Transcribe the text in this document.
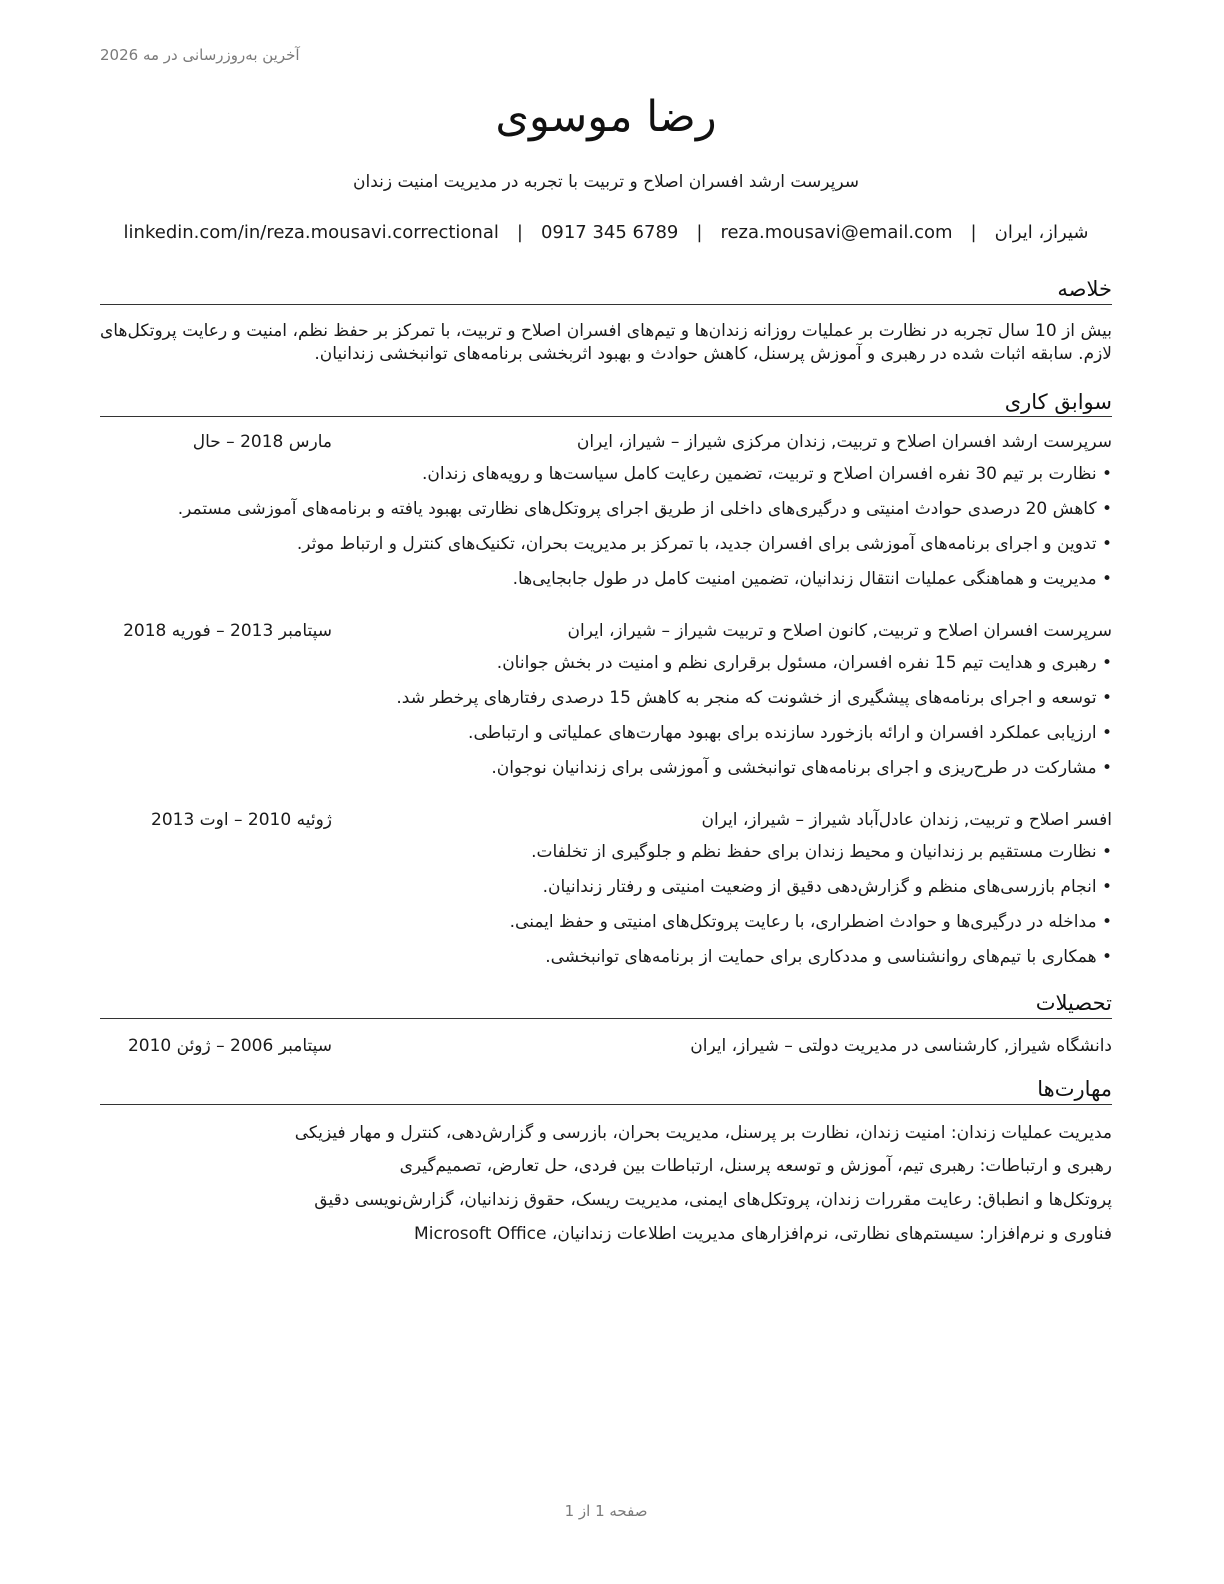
آخرین به‌روزرسانی در مه 2026
رضا موسوی
سرپرست ارشد افسران اصلاح و تربیت با تجربه در مدیریت امنیت زندان
شیراز، ایران
|
reza.mousavi@email.com
|
0917 345 6789
|
linkedin.com/in/reza.mousavi.correctional
خلاصه
بیش از 10 سال تجربه در نظارت بر عملیات روزانه زندان‌ها و تیم‌های افسران اصلاح و تربیت، با تمرکز بر حفظ نظم، امنیت و رعایت پروتکل‌های لازم. سابقه اثبات شده در رهبری و آموزش پرسنل، کاهش حوادث و بهبود اثربخشی برنامه‌های توانبخشی زندانیان.
سوابق کاری
سرپرست ارشد افسران اصلاح و تربیت, زندان مرکزی شیراز – شیراز، ایران
مارس 2018 – حال
• نظارت بر تیم 30 نفره افسران اصلاح و تربیت، تضمین رعایت کامل سیاست‌ها و رویه‌های زندان.
• کاهش 20 درصدی حوادث امنیتی و درگیری‌های داخلی از طریق اجرای پروتکل‌های نظارتی بهبود یافته و برنامه‌های آموزشی مستمر.
• تدوین و اجرای برنامه‌های آموزشی برای افسران جدید، با تمرکز بر مدیریت بحران، تکنیک‌های کنترل و ارتباط موثر.
• مدیریت و هماهنگی عملیات انتقال زندانیان، تضمین امنیت کامل در طول جابجایی‌ها.
سرپرست افسران اصلاح و تربیت, کانون اصلاح و تربیت شیراز – شیراز، ایران
سپتامبر 2013 – فوریه 2018
• رهبری و هدایت تیم 15 نفره افسران، مسئول برقراری نظم و امنیت در بخش جوانان.
• توسعه و اجرای برنامه‌های پیشگیری از خشونت که منجر به کاهش 15 درصدی رفتارهای پرخطر شد.
• ارزیابی عملکرد افسران و ارائه بازخورد سازنده برای بهبود مهارت‌های عملیاتی و ارتباطی.
• مشارکت در طرح‌ریزی و اجرای برنامه‌های توانبخشی و آموزشی برای زندانیان نوجوان.
افسر اصلاح و تربیت, زندان عادل‌آباد شیراز – شیراز، ایران
ژوئیه 2010 – اوت 2013
• نظارت مستقیم بر زندانیان و محیط زندان برای حفظ نظم و جلوگیری از تخلفات.
• انجام بازرسی‌های منظم و گزارش‌دهی دقیق از وضعیت امنیتی و رفتار زندانیان.
• مداخله در درگیری‌ها و حوادث اضطراری، با رعایت پروتکل‌های امنیتی و حفظ ایمنی.
• همکاری با تیم‌های روانشناسی و مددکاری برای حمایت از برنامه‌های توانبخشی.
تحصیلات
دانشگاه شیراز, کارشناسی در مدیریت دولتی – شیراز، ایران
سپتامبر 2006 – ژوئن 2010
مهارت‌ها
مدیریت عملیات زندان: امنیت زندان، نظارت بر پرسنل، مدیریت بحران، بازرسی و گزارش‌دهی، کنترل و مهار فیزیکی
رهبری و ارتباطات: رهبری تیم، آموزش و توسعه پرسنل، ارتباطات بین فردی، حل تعارض، تصمیم‌گیری
پروتکل‌ها و انطباق: رعایت مقررات زندان، پروتکل‌های ایمنی، مدیریت ریسک، حقوق زندانیان، گزارش‌نویسی دقیق
فناوری و نرم‌افزار: سیستم‌های نظارتی، نرم‌افزارهای مدیریت اطلاعات زندانیان، Microsoft Office
صفحه 1 از 1
